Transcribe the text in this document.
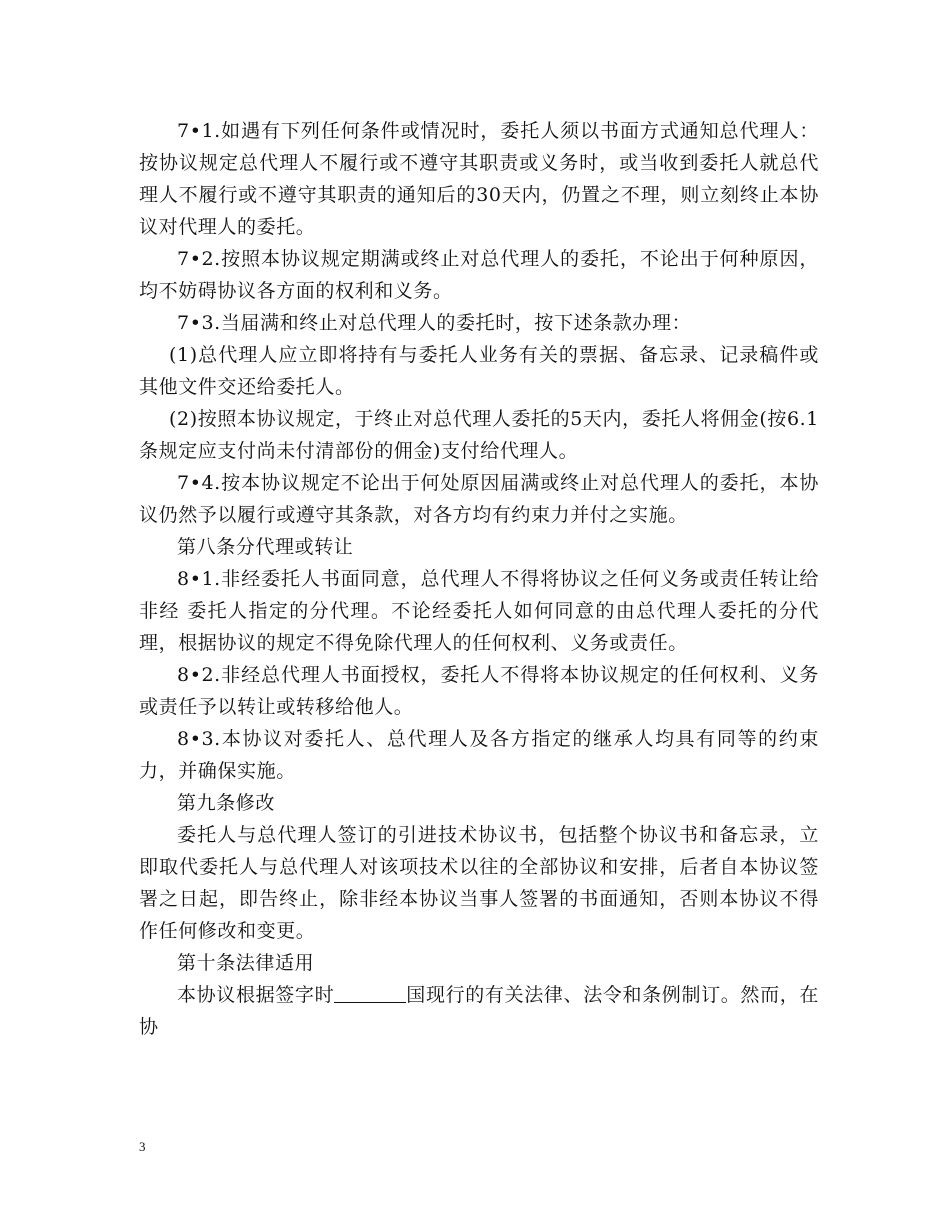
7•1.如遇有下列任何条件或情况时，委托人须以书面方式通知总代理人：按协议规定总代理人不履行或不遵守其职责或义务时，或当收到委托人就总代理人不履行或不遵守其职责的通知后的30天内，仍置之不理，则立刻终止本协议对代理人的委托。

7•2.按照本协议规定期满或终止对总代理人的委托，不论出于何种原因，均不妨碍协议各方面的权利和义务。

7•3.当届满和终止对总代理人的委托时，按下述条款办理：

(1)总代理人应立即将持有与委托人业务有关的票据、备忘录、记录稿件或其他文件交还给委托人。

(2)按照本协议规定，于终止对总代理人委托的5天内，委托人将佣金(按6.1条规定应支付尚未付清部份的佣金)支付给代理人。

7•4.按本协议规定不论出于何处原因届满或终止对总代理人的委托，本协议仍然予以履行或遵守其条款，对各方均有约束力并付之实施。

第八条分代理或转让

8•1.非经委托人书面同意，总代理人不得将协议之任何义务或责任转让给非经 委托人指定的分代理。不论经委托人如何同意的由总代理人委托的分代理，根据协议的规定不得免除代理人的任何权利、义务或责任。

8•2.非经总代理人书面授权，委托人不得将本协议规定的任何权利、义务或责任予以转让或转移给他人。

8•3.本协议对委托人、总代理人及各方指定的继承人均具有同等的约束力，并确保实施。

第九条修改

委托人与总代理人签订的引进技术协议书，包括整个协议书和备忘录，立即取代委托人与总代理人对该项技术以往的全部协议和安排，后者自本协议签署之日起，即告终止，除非经本协议当事人签署的书面通知，否则本协议不得作任何修改和变更。

第十条法律适用

本协议根据签字时	国现行的有关法律、法令和条例制订。然而，在协

3
